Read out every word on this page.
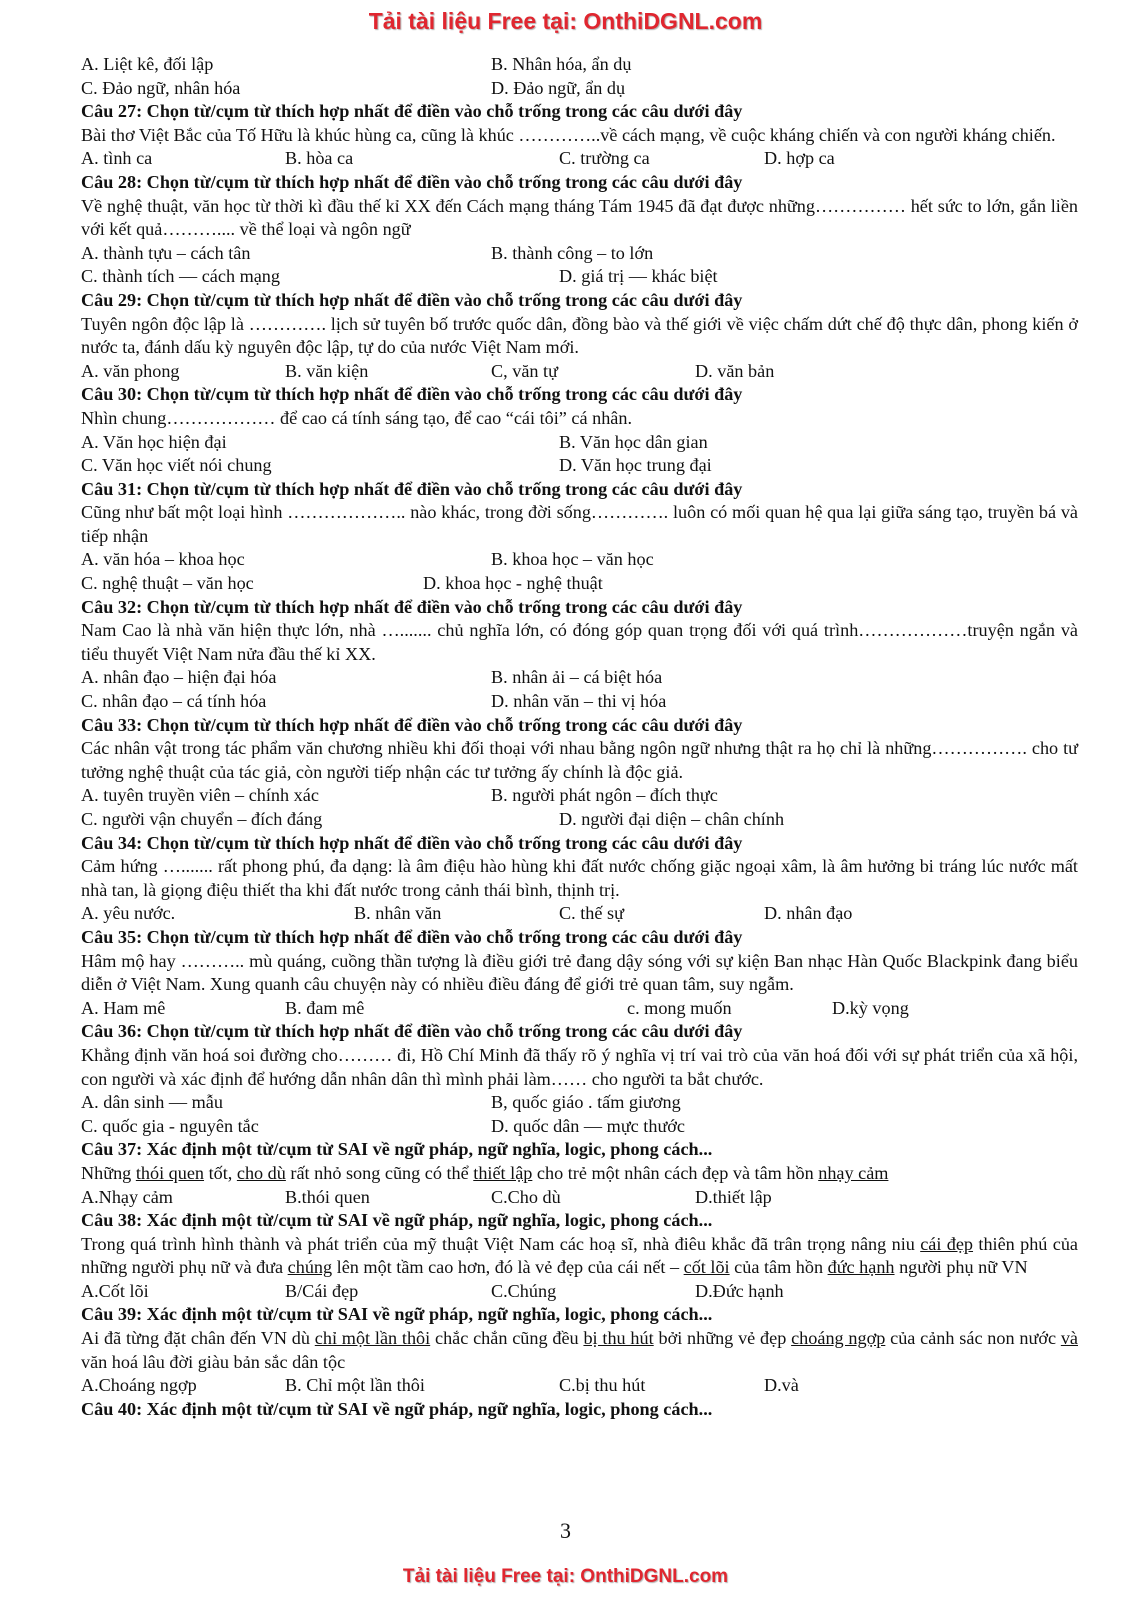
Tải tài liệu Free tại: OnthiDGNL.com
A. Liệt kê, đối lập	B. Nhân hóa, ẩn dụ
C. Đảo ngữ, nhân hóa	D. Đảo ngữ, ẩn dụ
Câu 27: Chọn từ/cụm từ thích hợp nhất để điền vào chỗ trống trong các câu dưới đây
Bài thơ Việt Bắc của Tố Hữu là khúc hùng ca, cũng là khúc …………..về cách mạng, về cuộc kháng chiến và con người kháng chiến.
A. tình ca	B. hòa ca	C. trường ca	D. hợp ca
Câu 28: Chọn từ/cụm từ thích hợp nhất để điền vào chỗ trống trong các câu dưới đây
Về nghệ thuật, văn học từ thời kì đầu thế kỉ XX đến Cách mạng tháng Tám 1945 đã đạt được những…………… hết sức to lớn, gắn liền với kết quả……….... về thể loại và ngôn ngữ
A. thành tựu – cách tân	B. thành công – to lớn
C. thành tích — cách mạng	D. giá trị — khác biệt
Câu 29: Chọn từ/cụm từ thích hợp nhất để điền vào chỗ trống trong các câu dưới đây
Tuyên ngôn độc lập là …………. lịch sử tuyên bố trước quốc dân, đồng bào và thế giới về việc chấm dứt chế độ thực dân, phong kiến ở nước ta, đánh dấu kỳ nguyên độc lập, tự do của nước Việt Nam mới.
A. văn phong	B. văn kiện	C, văn tự	D. văn bản
Câu 30: Chọn từ/cụm từ thích hợp nhất để điền vào chỗ trống trong các câu dưới đây
Nhìn chung……………… để cao cá tính sáng tạo, để cao “cái tôi” cá nhân.
A. Văn học hiện đại	B. Văn học dân gian
C. Văn học viết nói chung	D. Văn học trung đại
Câu 31: Chọn từ/cụm từ thích hợp nhất để điền vào chỗ trống trong các câu dưới đây
Cũng như bất một loại hình ……………….. nào khác, trong đời sống…………. luôn có mối quan hệ qua lại giữa sáng tạo, truyền bá và tiếp nhận
A. văn hóa – khoa học	B. khoa học – văn học
C. nghệ thuật – văn học	D. khoa học - nghệ thuật
Câu 32: Chọn từ/cụm từ thích hợp nhất để điền vào chỗ trống trong các câu dưới đây
Nam Cao là nhà văn hiện thực lớn, nhà …....... chủ nghĩa lớn, có đóng góp quan trọng đối với quá trình………………truyện ngắn và tiểu thuyết Việt Nam nửa đầu thế kỉ XX.
A. nhân đạo – hiện đại hóa	B. nhân ải – cá biệt hóa
C. nhân đạo – cá tính hóa	D. nhân văn – thi vị hóa
Câu 33: Chọn từ/cụm từ thích hợp nhất để điền vào chỗ trống trong các câu dưới đây
Các nhân vật trong tác phẩm văn chương nhiều khi đối thoại với nhau bằng ngôn ngữ nhưng thật ra họ chỉ là những……………. cho tư tưởng nghệ thuật của tác giả, còn người tiếp nhận các tư tưởng ấy chính là độc giả.
A. tuyên truyền viên – chính xác	B. người phát ngôn – đích thực
C. người vận chuyển – đích đáng	D. người đại diện – chân chính
Câu 34: Chọn từ/cụm từ thích hợp nhất để điền vào chỗ trống trong các câu dưới đây
Cảm hứng …....... rất phong phú, đa dạng: là âm điệu hào hùng khi đất nước chống giặc ngoại xâm, là âm hưởng bi tráng lúc nước mất nhà tan, là giọng điệu thiết tha khi đất nước trong cảnh thái bình, thịnh trị.
A. yêu nước.	B. nhân văn	C. thế sự	D. nhân đạo
Câu 35: Chọn từ/cụm từ thích hợp nhất để điền vào chỗ trống trong các câu dưới đây
Hâm mộ hay ……….. mù quáng, cuồng thần tượng là điều giới trẻ đang dậy sóng với sự kiện Ban nhạc Hàn Quốc Blackpink đang biểu diễn ở Việt Nam. Xung quanh câu chuyện này có nhiều điều đáng để giới trẻ quan tâm, suy ngẫm.
A. Ham mê	B. đam mê	c. mong muốn	D.kỳ vọng
Câu 36: Chọn từ/cụm từ thích hợp nhất để điền vào chỗ trống trong các câu dưới đây
Khẳng định văn hoá soi đường cho……… đi, Hồ Chí Minh đã thấy rõ ý nghĩa vị trí vai trò của văn hoá đối với sự phát triển của xã hội, con người và xác định để hướng dẫn nhân dân thì mình phải làm…… cho người ta bắt chước.
A. dân sinh — mẫu	B, quốc giáo . tấm giương
C. quốc gia - nguyên tắc	D. quốc dân — mực thước
Câu 37: Xác định một từ/cụm từ SAI về ngữ pháp, ngữ nghĩa, logic, phong cách...
Những thói quen tốt, cho dù rất nhỏ song cũng có thể thiết lập cho trẻ một nhân cách đẹp và tâm hồn nhạy cảm
A.Nhạy cảm	B.thói quen	C.Cho dù	D.thiết lập
Câu 38: Xác định một từ/cụm từ SAI về ngữ pháp, ngữ nghĩa, logic, phong cách...
Trong quá trình hình thành và phát triển của mỹ thuật Việt Nam các hoạ sĩ, nhà điêu khắc đã trân trọng nâng niu cái đẹp thiên phú của những người phụ nữ và đưa chúng lên một tầm cao hơn, đó là vẻ đẹp của cái nết – cốt lõi của tâm hồn đức hạnh người phụ nữ VN
A.Cốt lõi	B/Cái đẹp	C.Chúng	D.Đức hạnh
Câu 39: Xác định một từ/cụm từ SAI về ngữ pháp, ngữ nghĩa, logic, phong cách...
Ai đã từng đặt chân đến VN dù chỉ một lần thôi chắc chắn cũng đều bị thu hút bởi những vẻ đẹp choáng ngợp của cảnh sác non nước và văn hoá lâu đời giàu bản sắc dân tộc
A.Choáng ngợp	B. Chỉ một lần thôi	C.bị thu hút	D.và
Câu 40: Xác định một từ/cụm từ SAI về ngữ pháp, ngữ nghĩa, logic, phong cách...
3
Tải tài liệu Free tại: OnthiDGNL.com
